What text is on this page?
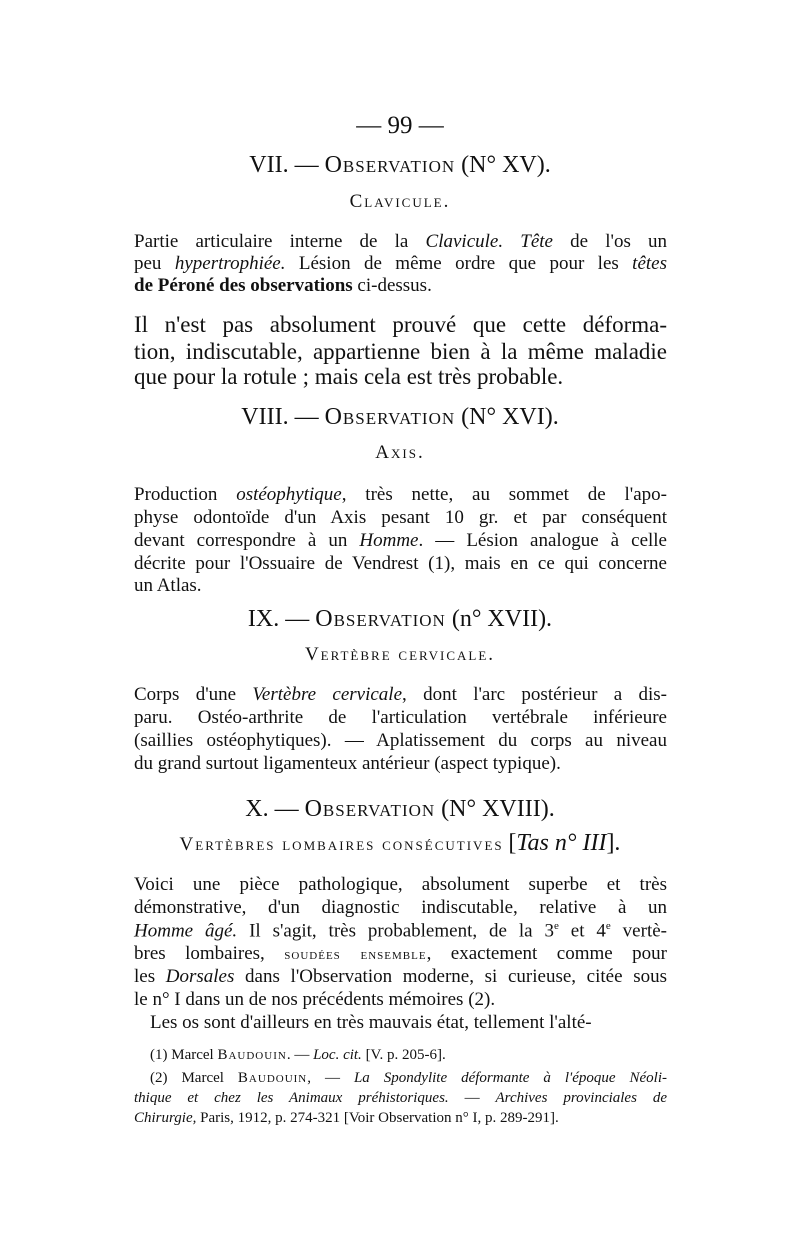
— 99 —
VII. — Observation (N° XV).
Clavicule.
Partie articulaire interne de la Clavicule. Tête de l'os un
peu hypertrophiée. Lésion de même ordre que pour les têtes
de Péroné des observations ci-dessus.
Il n'est pas absolument prouvé que cette déforma-
tion, indiscutable, appartienne bien à la même maladie
que pour la rotule ; mais cela est très probable.
VIII. — Observation (N° XVI).
Axis.
Production ostéophytique, très nette, au sommet de l'apo-
physe odontoïde d'un Axis pesant 10 gr. et par conséquent
devant correspondre à un Homme. — Lésion analogue à celle
décrite pour l'Ossuaire de Vendrest (1), mais en ce qui concerne
un Atlas.
IX. — Observation (n° XVII).
Vertèbre cervicale.
Corps d'une Vertèbre cervicale, dont l'arc postérieur a dis-
paru. Ostéo-arthrite de l'articulation vertébrale inférieure
(saillies ostéophytiques). — Aplatissement du corps au niveau
du grand surtout ligamenteux antérieur (aspect typique).
X. — Observation (N° XVIII).
Vertèbres lombaires consécutives [Tas n° III].
Voici une pièce pathologique, absolument superbe et très
démonstrative, d'un diagnostic indiscutable, relative à un
Homme âgé. Il s'agit, très probablement, de la 3e et 4e vertè-
bres lombaires, soudées ensemble, exactement comme pour
les Dorsales dans l'Observation moderne, si curieuse, citée sous
le n° I dans un de nos précédents mémoires (2).
Les os sont d'ailleurs en très mauvais état, tellement l'alté-
(1) Marcel Baudouin. — Loc. cit. [V. p. 205-6].
(2) Marcel Baudouin, — La Spondylite déformante à l'époque Néoli-
thique et chez les Animaux préhistoriques. — Archives provinciales de
Chirurgie, Paris, 1912, p. 274-321 [Voir Observation n° I, p. 289-291].
